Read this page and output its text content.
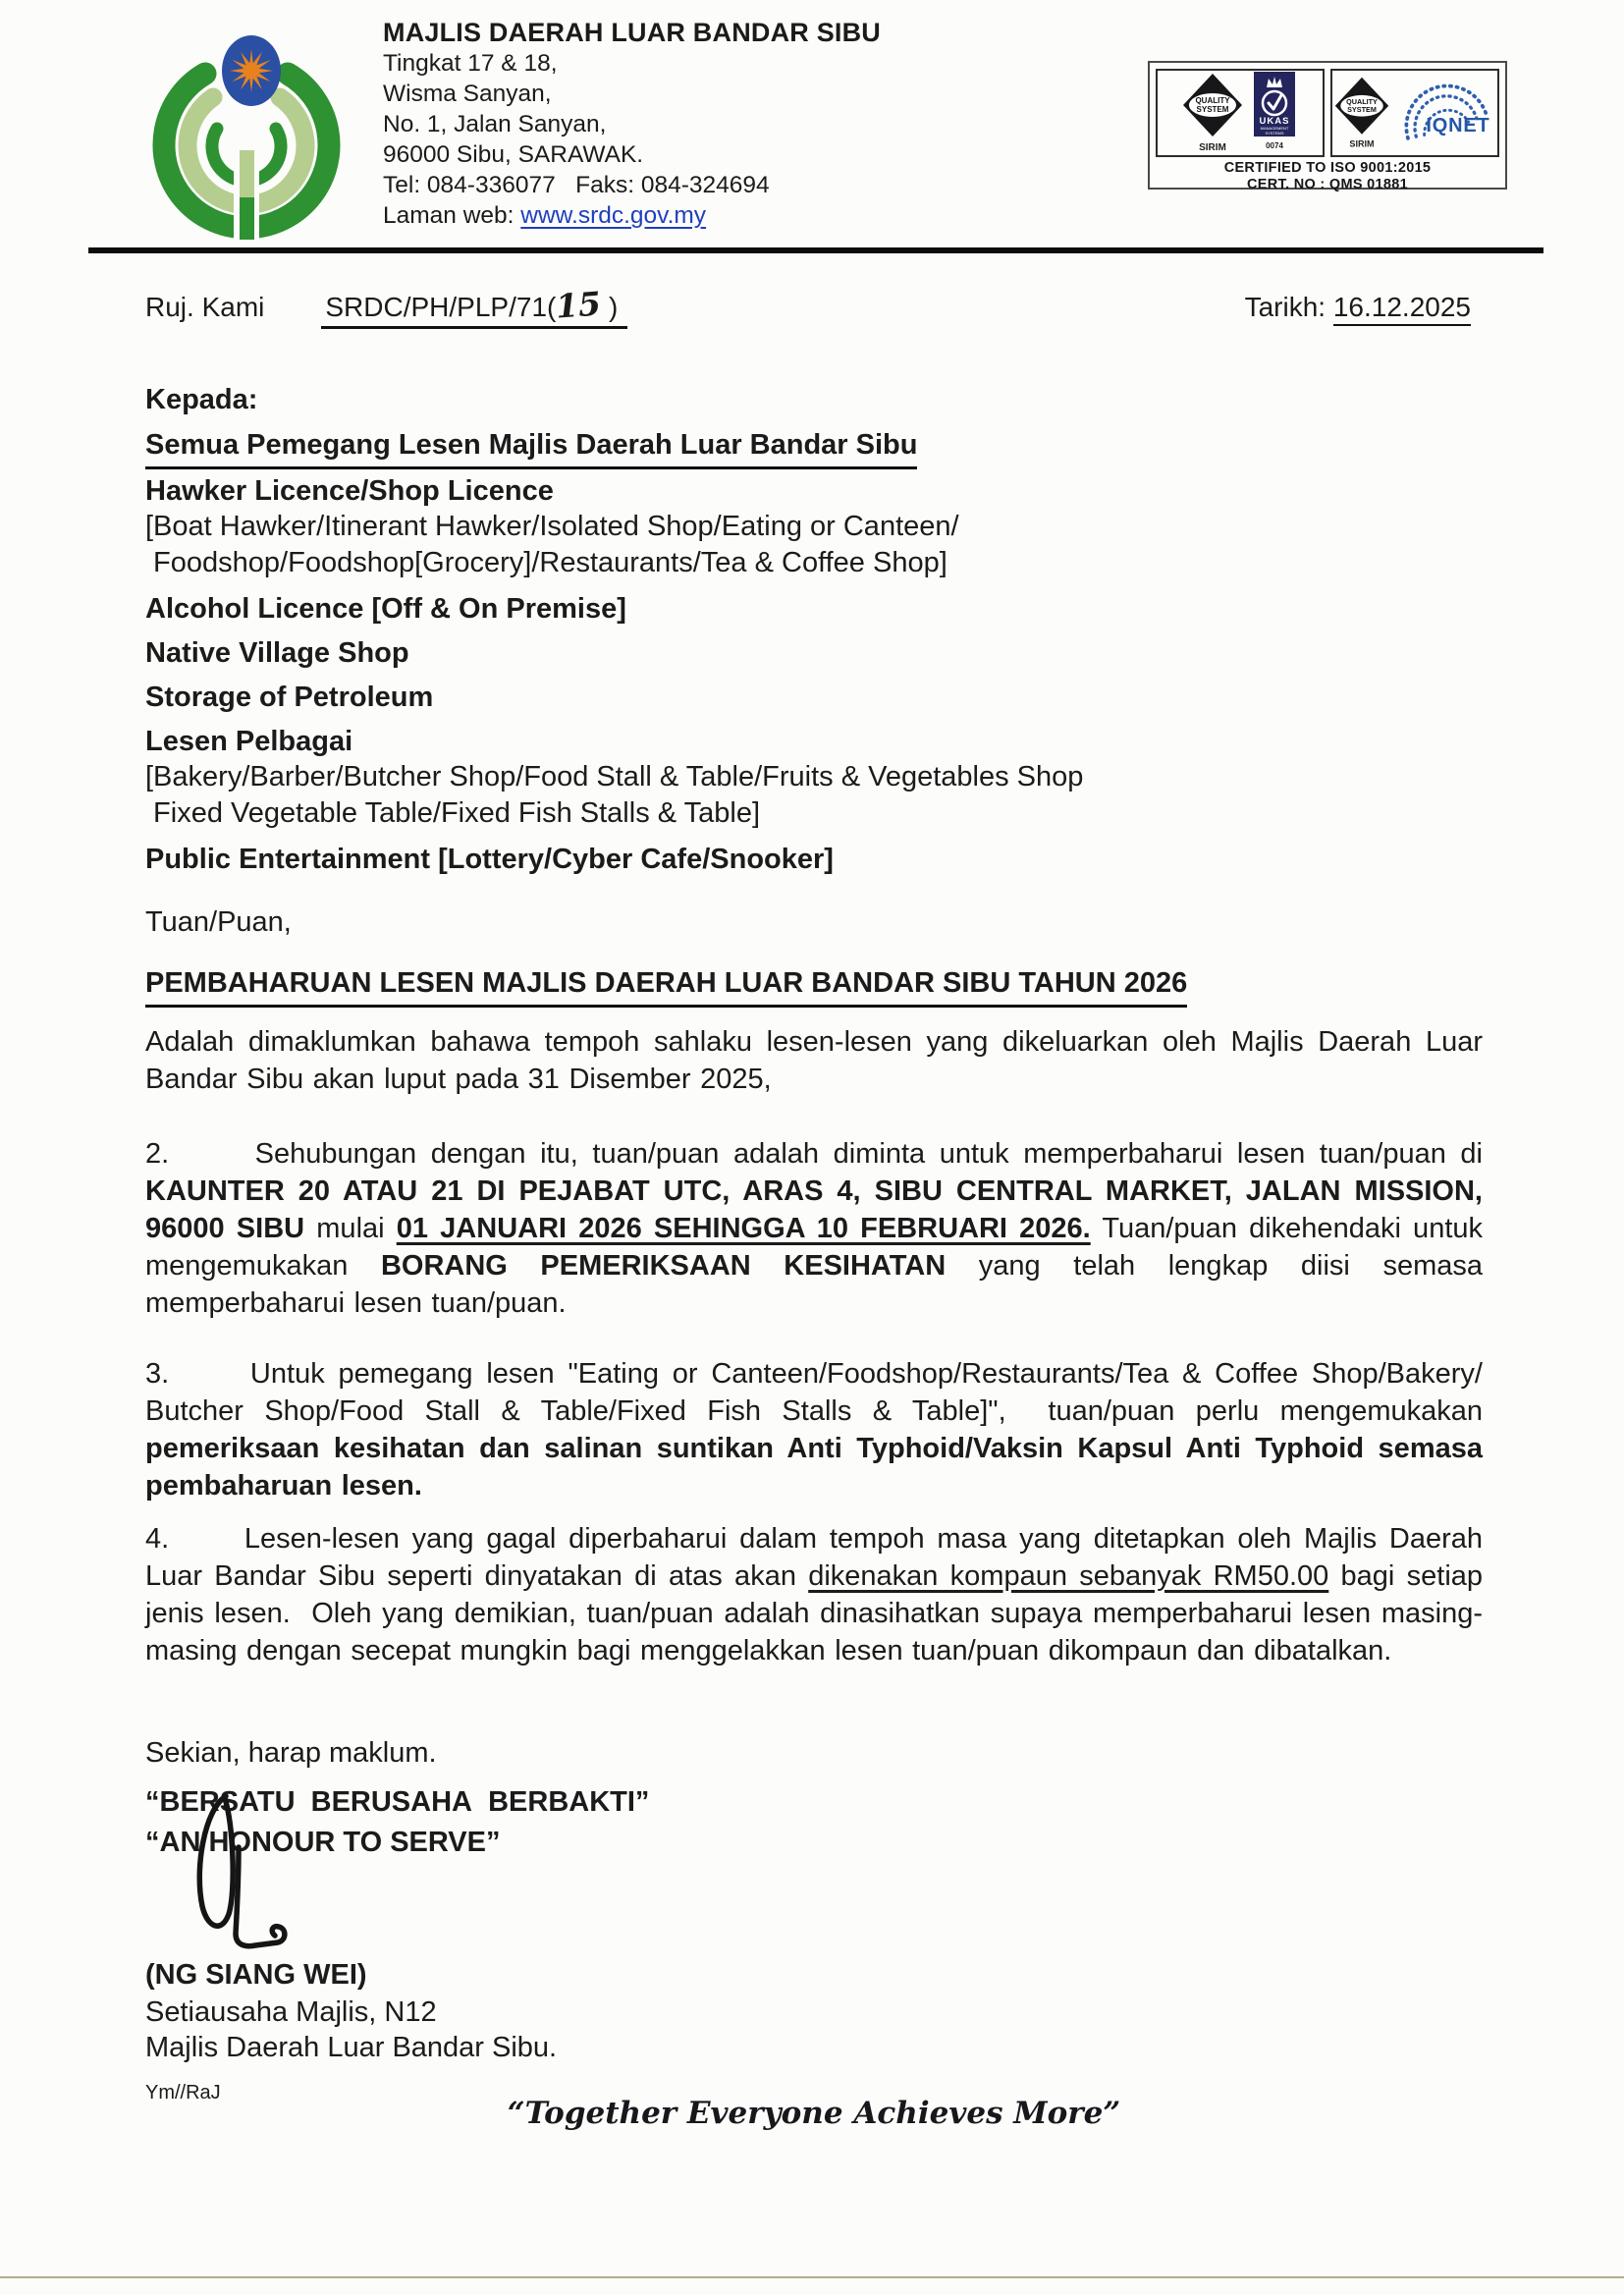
MAJLIS DAERAH LUAR BANDAR SIBU
Tingkat 17 & 18,
Wisma Sanyan,
No. 1, Jalan Sanyan,
96000 Sibu, SARAWAK.
Tel: 084-336077   Faks: 084-324694
Laman web: www.srdc.gov.my
QUALITY
SYSTEM
SIRIM
UKAS
MANAGEMENT
SYSTEMS
0074
QUALITY
SYSTEM
SIRIM
IQNET
CERTIFIED TO ISO 9001:2015
CERT. NO : QMS 01881
Ruj. Kami SRDC/PH/PLP/71(15 )	Tarikh: 16.12.2025
Kepada:
Semua Pemegang Lesen Majlis Daerah Luar Bandar Sibu
Hawker Licence/Shop Licence
[Boat Hawker/Itinerant Hawker/Isolated Shop/Eating or Canteen/
Foodshop/Foodshop[Grocery]/Restaurants/Tea & Coffee Shop]
Alcohol Licence [Off & On Premise]
Native Village Shop
Storage of Petroleum
Lesen Pelbagai
[Bakery/Barber/Butcher Shop/Food Stall & Table/Fruits & Vegetables Shop
Fixed Vegetable Table/Fixed Fish Stalls & Table]
Public Entertainment [Lottery/Cyber Cafe/Snooker]
Tuan/Puan,
PEMBAHARUAN LESEN MAJLIS DAERAH LUAR BANDAR SIBU TAHUN 2026
Adalah dimaklumkan bahawa tempoh sahlaku lesen-lesen yang dikeluarkan oleh Majlis Daerah Luar Bandar Sibu akan luput pada 31 Disember 2025,
2.      Sehubungan dengan itu, tuan/puan adalah diminta untuk memperbaharui lesen tuan/puan di KAUNTER 20 ATAU 21 DI PEJABAT UTC, ARAS 4, SIBU CENTRAL MARKET, JALAN MISSION, 96000 SIBU mulai 01 JANUARI 2026 SEHINGGA 10 FEBRUARI 2026. Tuan/puan dikehendaki untuk mengemukakan BORANG PEMERIKSAAN KESIHATAN yang telah lengkap diisi semasa memperbaharui lesen tuan/puan.
3.      Untuk pemegang lesen "Eating or Canteen/Foodshop/Restaurants/Tea & Coffee Shop/Bakery/ Butcher Shop/Food Stall & Table/Fixed Fish Stalls & Table]",  tuan/puan perlu mengemukakan pemeriksaan kesihatan dan salinan suntikan Anti Typhoid/Vaksin Kapsul Anti Typhoid semasa pembaharuan lesen.
4.      Lesen-lesen yang gagal diperbaharui dalam tempoh masa yang ditetapkan oleh Majlis Daerah Luar Bandar Sibu seperti dinyatakan di atas akan dikenakan kompaun sebanyak RM50.00 bagi setiap jenis lesen.  Oleh yang demikian, tuan/puan adalah dinasihatkan supaya memperbaharui lesen masing-masing dengan secepat mungkin bagi menggelakkan lesen tuan/puan dikompaun dan dibatalkan.
Sekian, harap maklum.
“BERSATU  BERUSAHA  BERBAKTI”
“AN HONOUR TO SERVE”
(NG SIANG WEI)
Setiausaha Majlis, N12
Majlis Daerah Luar Bandar Sibu.
Ym//RaJ
“Together Everyone Achieves More”
